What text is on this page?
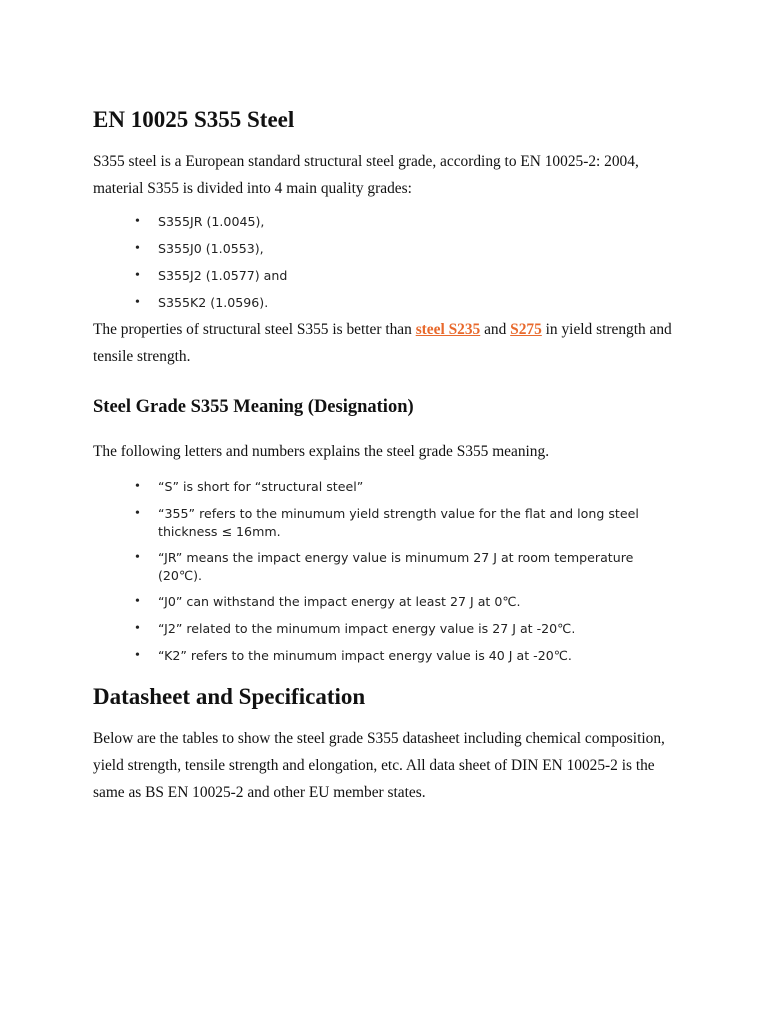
EN 10025 S355 Steel

S355 steel is a European standard structural steel grade, according to EN 10025-2: 2004, material S355 is divided into 4 main quality grades:

• S355JR (1.0045),
• S355J0 (1.0553),
• S355J2 (1.0577) and
• S355K2 (1.0596).

The properties of structural steel S355 is better than steel S235 and S275 in yield strength and tensile strength.

Steel Grade S355 Meaning (Designation)

The following letters and numbers explains the steel grade S355 meaning.

• “S” is short for “structural steel”
• “355” refers to the minumum yield strength value for the flat and long steel thickness ≤ 16mm.
• “JR” means the impact energy value is minumum 27 J at room temperature (20℃).
• “J0” can withstand the impact energy at least 27 J at 0℃.
• “J2” related to the minumum impact energy value is 27 J at -20℃.
• “K2” refers to the minumum impact energy value is 40 J at -20℃.
Datasheet and Specification

Below are the tables to show the steel grade S355 datasheet including chemical composition, yield strength, tensile strength and elongation, etc. All data sheet of DIN EN 10025-2 is the same as BS EN 10025-2 and other EU member states.
